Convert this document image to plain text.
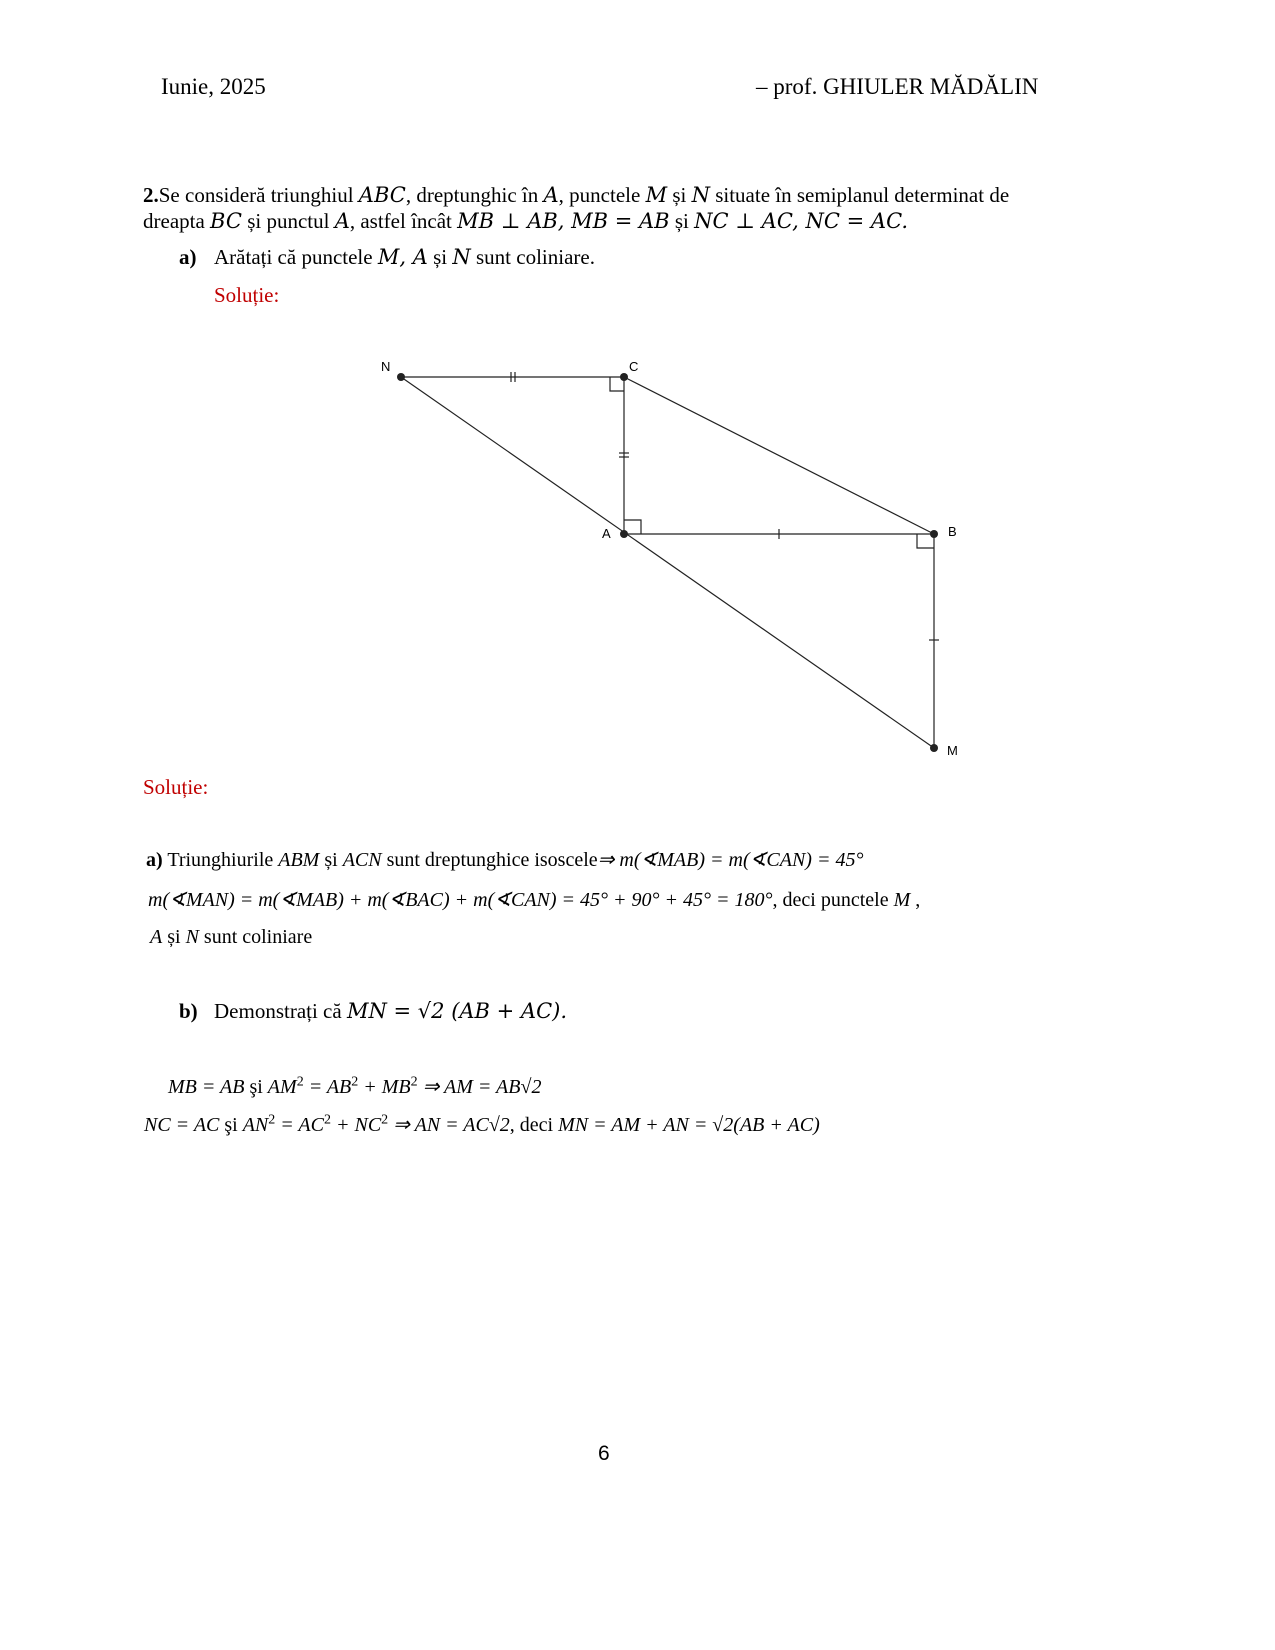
Iunie, 2025	– prof. GHIULER MĂDĂLIN
2.Se consideră triunghiul ABC, dreptunghic în A, punctele M și N situate în semiplanul determinat de
dreapta BC și punctul A, astfel încât MB ⊥ AB, MB = AB și NC ⊥ AC, NC = AC.
a) Arătați că punctele M, A și N sunt coliniare.
Soluție:
N	C
A	B
M
Soluție:
a) Triunghiurile ABM și ACN sunt dreptunghice isoscele⇒ m(∢MAB) = m(∢CAN) = 45°
m(∢MAN) = m(∢MAB) + m(∢BAC) + m(∢CAN) = 45° + 90° + 45° = 180°, deci punctele M ,
A și N sunt coliniare
b) Demonstrați că MN = √2 (AB + AC).
MB = AB şi $AM^2 = AB^2 + MB^2$ ⇒ AM = AB√2
NC = AC şi $AN^2 = AC^2 + NC^2$ ⇒ AN = AC√2, deci MN = AM + AN = √2(AB + AC)
6
